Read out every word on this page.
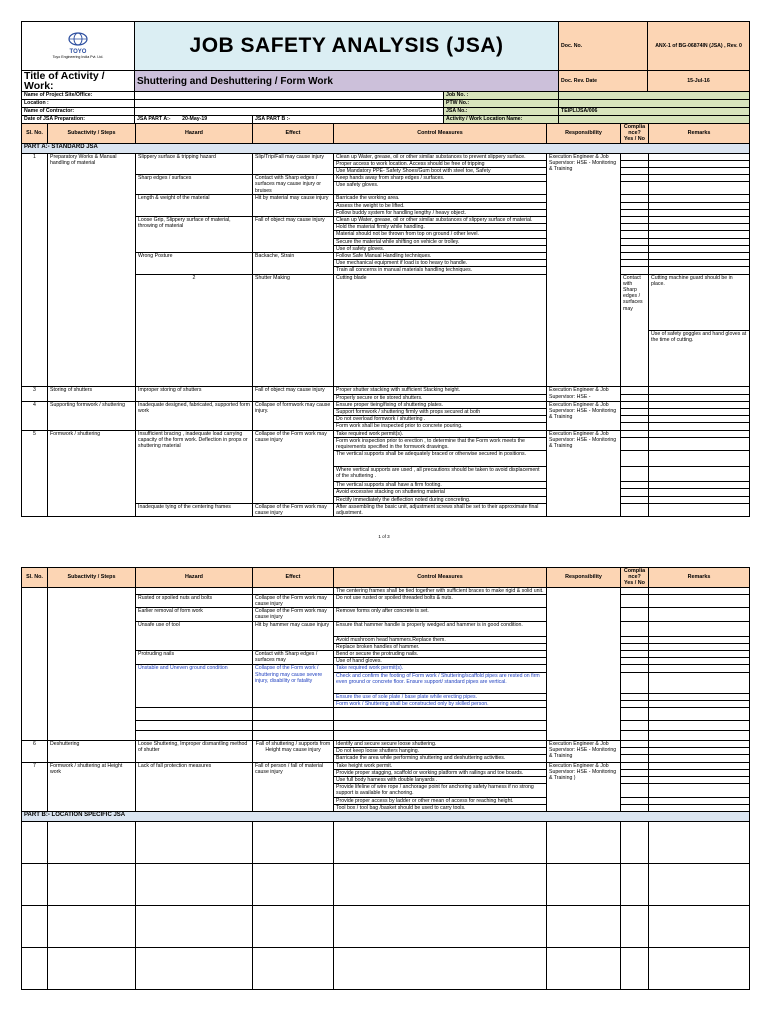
TOYO
Toyo Engineering India Pvt. Ltd.	JOB SAFETY ANALYSIS (JSA)			Doc. No.	ANX-1 of BG-06874IN (JSA) , Rev. 0
Title of Activity / Work:	Shuttering and Deshuttering / Form Work			Doc. Rev. Date	15-Jul-16
Name of Project Site/Office:			Job No. :		
Location :			PTW No.:		
Name of Contractor:			JSA No.:	TEIPL/JSA/006	
Date of JSA Preparation:	JSA PART A:- 20-May-19	JSA PART B :-	Activity / Work Location Name:		
Sl. No.	Subactivity / Steps	Hazard	Effect	Control Measures	Responsibility	Compliance? Yes / No	Remarks	
PART A:- STANDARD JSA								
1	Preparatory Works & Manual handling of material	Slippery surface & tripping hazard	Slip/Trip/Fall may cause injury	Clean up Water, grease, oil or other similar substances to prevent slippery surface.	Execution Engineer & Job Supervisor: HSE - Monitoring & Training			
				Proper access to work location. Access should be free of tripping				
				Use Mandatory PPE- Safety Shoes/Gum boot with steel toe, Safety				
		Sharp edges / surfaces	Contact with Sharp edges / surfaces may cause injury or bruises	Keep hands away from sharp edges / surfaces.				
				Use safety gloves.				
		Length & weight of the material	Hit by material may cause injury	Barricade the working area.				
				Assess the weight to be lifted.				
				Follow buddy system for handling lengthy / heavy object.				
		Loose Grip, Slippery surface of material, throwing of material	Fall of object may cause injury	Clean up Water, grease, oil or other similar substances of slippery surface of material.				
				Hold the material firmly while handling.				
				Material should not be thrown from top on ground / other level.				
				Secure the material while shifting on vehicle or trolley.				
				Use of safety gloves.				
		Wrong Posture	Backache, Strain	Follow Safe Manual Handling techniques.				
				Use mechanical equipment if load is too heavy to handle.				
				Train all concerns in manual materials handling techniques.				
		2	Shutter Making	Cutting blade		Contact with Sharp edges / surfaces may	Cutting machine guard should be in place.			
							Use of safety goggles and hand gloves at the time of cutting.		
3	Storing of shutters	Improper storing of shutters	Fall of object may cause injury	Proper shutter stacking with sufficient Stacking height.	Execution Engineer & Job Supervisor: HSE -			
				Properly secure or tie stored shutters.				
4	Supporting formwork / shuttering	Inadequate designed, fabricated, supported form work	Collapse of formwork may cause injury.	Ensure proper tieing/fixing of shuttering plates.	Execution Engineer & Job Supervisor: HSE - Monitoring & Training			
				Support formwork / shuttering firmly with props secured at both				
				Do not overload formwork / shuttering .				
				Form work shall be inspected prior to concrete pouring.				
5	Formwork / shuttering	Insufficient bracing , inadequate load carrying capacity of the form work. Deflection in props or shuttering material	Collapse of the Form work may cause injury	Take required work permit(s).	Execution Engineer & Job Supervisor: HSE - Monitoring & Training			
				Form work inspection prior to erection , to determine that the Form work meets the requirements specified in the formwork drawings.				
				The vertical supports shall be adequately braced or otherwise secured in positions.				
				Where vertical supports are used , all precautions should be taken to avoid displacement of the shuttering .				
				The vertical supports shall have a firm footing.				
				Avoid excessive stacking on shuttering material				
				Rectify immediately the deflection noted during concreting.				
		Inadequate tying of the centering frames	Collapse of the Form work may cause injury	After assembling the basic unit, adjustment screws shall be set to their approximate final adjustment.				
1 of 3
Sl. No.	Subactivity / Steps	Hazard	Effect	Control Measures	Responsibility	Compliance? Yes / No	Remarks
				The centering frames shall be tied together with sufficient braces to make rigid & solid unit.			
		Rusted or spoiled nuts and bolts	Collapse of the Form work may cause injury	Do not use rusted or spoiled threaded bolts & nuts.			
		Earlier removal of form work	Collapse of the Form work may cause injury	Remove forms only after concrete is set.			
		Unsafe use of tool	Hit by hammer may cause injury	Ensure that hammer handle is properly wedged and hammer is in good condition.			
				Avoid mushroom head hammers.Replace them.			
				Replace broken handles of hammer.			
		Protruding nails	Contact with Sharp edges / surfaces may	Bend or secure the protruding nails.			
				Use of hand gloves.			
		Unstable and Uneven ground condition	Collapse of the Form work / Shuttering may cause severe injury, disability or fatality	Take required work permit(s).			
				Check and confirm the footing of Form work / Shuttering/scaffold pipes are rested on firm even ground or concrete floor. Ensure support/ standard pipes are vertical.			
				Ensure the use of sole plate / base plate while erecting pipes.			
				Form work / Shuttering shall be constructed only by skilled person.			

6	Deshuttering	Loose Shuttering, Improper dismantling method of shutter	Fall of shuttering / supports from Height may cause injury	Identify and secure secure loose shuttering.	Execution Engineer & Job Supervisor: HSE - Monitoring & Training		
				Do not keep loose shutters hanging.			
				Barricade the area while performing shuttering and deshuttering activities.			
7	Formwork / shuttering at Height work	Lack of fall protection measures	Fall of person / fall of material cause injury	Take height work permit.	Execution Engineer & Job Supervisor: HSE - Monitoring & Training )		
				Provide proper stagging, scaffold or working platform with railings and toe boards.			
				Use full body harness with double lanyards .			
				Provide lifeline of wire rope / anchorage point for anchoring safety harness if no strong support is available for anchoring.			
				Provide proper access by ladder or other mean of access for reaching height.			
				Tool box / tool bag /basket should be used to carry tools.			
PART B:- LOCATION SPECIFIC JSA							
